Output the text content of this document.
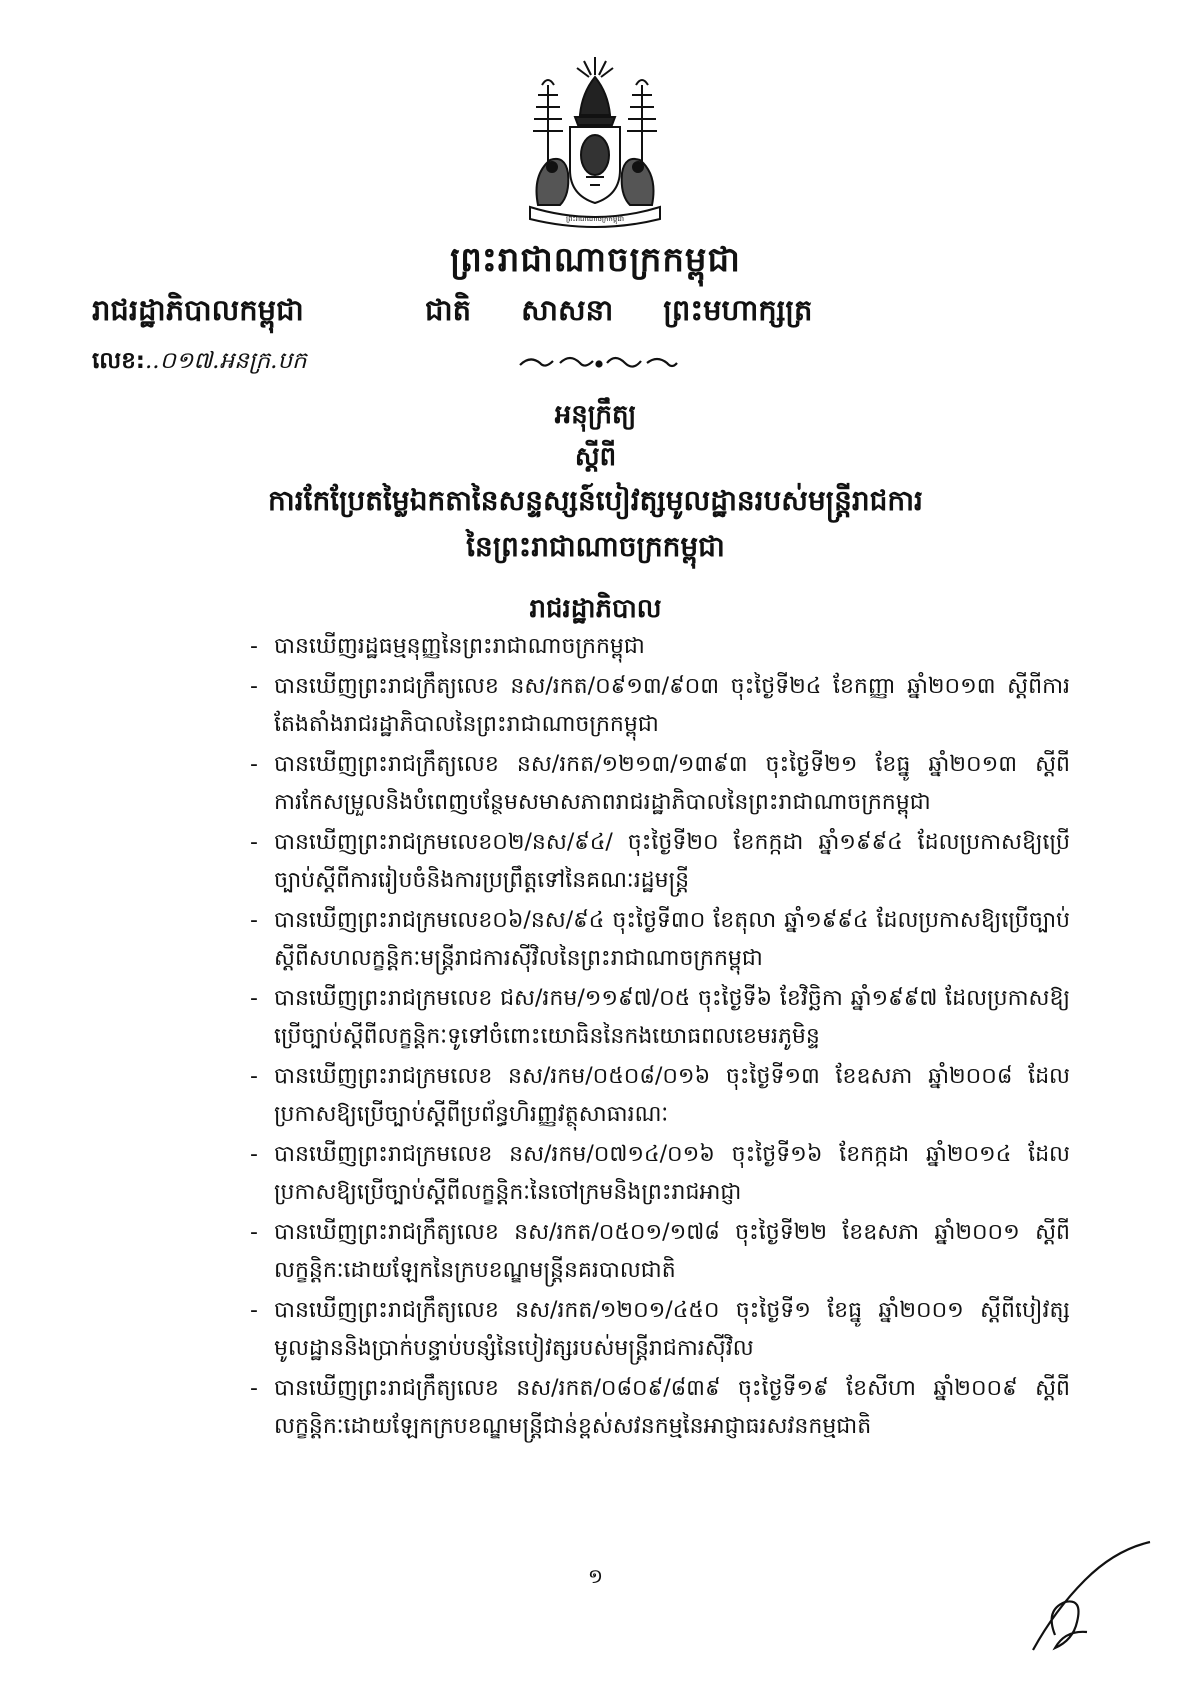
ព្រះរាជាណាចក្រកម្ពុជា
ព្រះរាជាណាចក្រកម្ពុជា
រាជរដ្ឋាភិបាលកម្ពុជា	ជាតិ សាសនា ព្រះមហាក្សត្រ
លេខ:..០១៧.អនក្រ.បក
អនុក្រឹត្យ
ស្តីពី
ការកែប្រែតម្លៃឯកតានៃសន្ទស្សន៍បៀវត្សមូលដ្ឋានរបស់មន្ត្រីរាជការ
នៃព្រះរាជាណាចក្រកម្ពុជា
រាជរដ្ឋាភិបាល
- បានឃើញរដ្ឋធម្មនុញ្ញនៃព្រះរាជាណាចក្រកម្ពុជា
- បានឃើញព្រះរាជក្រឹត្យលេខ នស/រកត/០៩១៣/៩០៣ ចុះថ្ងៃទី២៤ ខែកញ្ញា ឆ្នាំ២០១៣ ស្តីពីការតែងតាំងរាជរដ្ឋាភិបាលនៃព្រះរាជាណាចក្រកម្ពុជា
- បានឃើញព្រះរាជក្រឹត្យលេខ នស/រកត/១២១៣/១៣៩៣ ចុះថ្ងៃទី២១ ខែធ្នូ ឆ្នាំ២០១៣ ស្តីពីការកែសម្រួលនិងបំពេញបន្ថែមសមាសភាពរាជរដ្ឋាភិបាលនៃព្រះរាជាណាចក្រកម្ពុជា
- បានឃើញព្រះរាជក្រមលេខ០២/នស/៩៤/ ចុះថ្ងៃទី២០ ខែកក្កដា ឆ្នាំ១៩៩៤ ដែលប្រកាសឱ្យប្រើច្បាប់ស្តីពីការរៀបចំនិងការប្រព្រឹត្តទៅនៃគណៈរដ្ឋមន្ត្រី
- បានឃើញព្រះរាជក្រមលេខ០៦/នស/៩៤ ចុះថ្ងៃទី៣០ ខែតុលា ឆ្នាំ១៩៩៤ ដែលប្រកាសឱ្យប្រើច្បាប់ស្តីពីសហលក្ខន្តិកៈមន្ត្រីរាជការស៊ីវិលនៃព្រះរាជាណាចក្រកម្ពុជា
- បានឃើញព្រះរាជក្រមលេខ ជស/រកម/១១៩៧/០៥ ចុះថ្ងៃទី៦ ខែវិច្ឆិកា ឆ្នាំ១៩៩៧ ដែលប្រកាសឱ្យប្រើច្បាប់ស្តីពីលក្ខន្តិកៈទូទៅចំពោះយោធិននៃកងយោធពលខេមរភូមិន្ទ
- បានឃើញព្រះរាជក្រមលេខ នស/រកម/០៥០៨/០១៦ ចុះថ្ងៃទី១៣ ខែឧសភា ឆ្នាំ២០០៨ ដែលប្រកាសឱ្យប្រើច្បាប់ស្តីពីប្រព័ន្ធហិរញ្ញវត្ថុសាធារណៈ
- បានឃើញព្រះរាជក្រមលេខ នស/រកម/០៧១៤/០១៦ ចុះថ្ងៃទី១៦ ខែកក្កដា ឆ្នាំ២០១៤ ដែលប្រកាសឱ្យប្រើច្បាប់ស្តីពីលក្ខន្តិកៈនៃចៅក្រមនិងព្រះរាជអាជ្ញា
- បានឃើញព្រះរាជក្រឹត្យលេខ នស/រកត/០៥០១/១៧៨ ចុះថ្ងៃទី២២ ខែឧសភា ឆ្នាំ២០០១ ស្តីពីលក្ខន្តិកៈដោយឡែកនៃក្របខណ្ឌមន្ត្រីនគរបាលជាតិ
- បានឃើញព្រះរាជក្រឹត្យលេខ នស/រកត/១២០១/៤៥០ ចុះថ្ងៃទី១ ខែធ្នូ ឆ្នាំ២០០១ ស្តីពីបៀវត្សមូលដ្ឋាននិងប្រាក់បន្ទាប់បន្សំនៃបៀវត្សរបស់មន្ត្រីរាជការស៊ីវិល
- បានឃើញព្រះរាជក្រឹត្យលេខ នស/រកត/០៨០៩/៨៣៩ ចុះថ្ងៃទី១៩ ខែសីហា ឆ្នាំ២០០៩ ស្តីពីលក្ខន្តិកៈដោយឡែកក្របខណ្ឌមន្ត្រីជាន់ខ្ពស់សវនកម្មនៃអាជ្ញាធរសវនកម្មជាតិ
១
